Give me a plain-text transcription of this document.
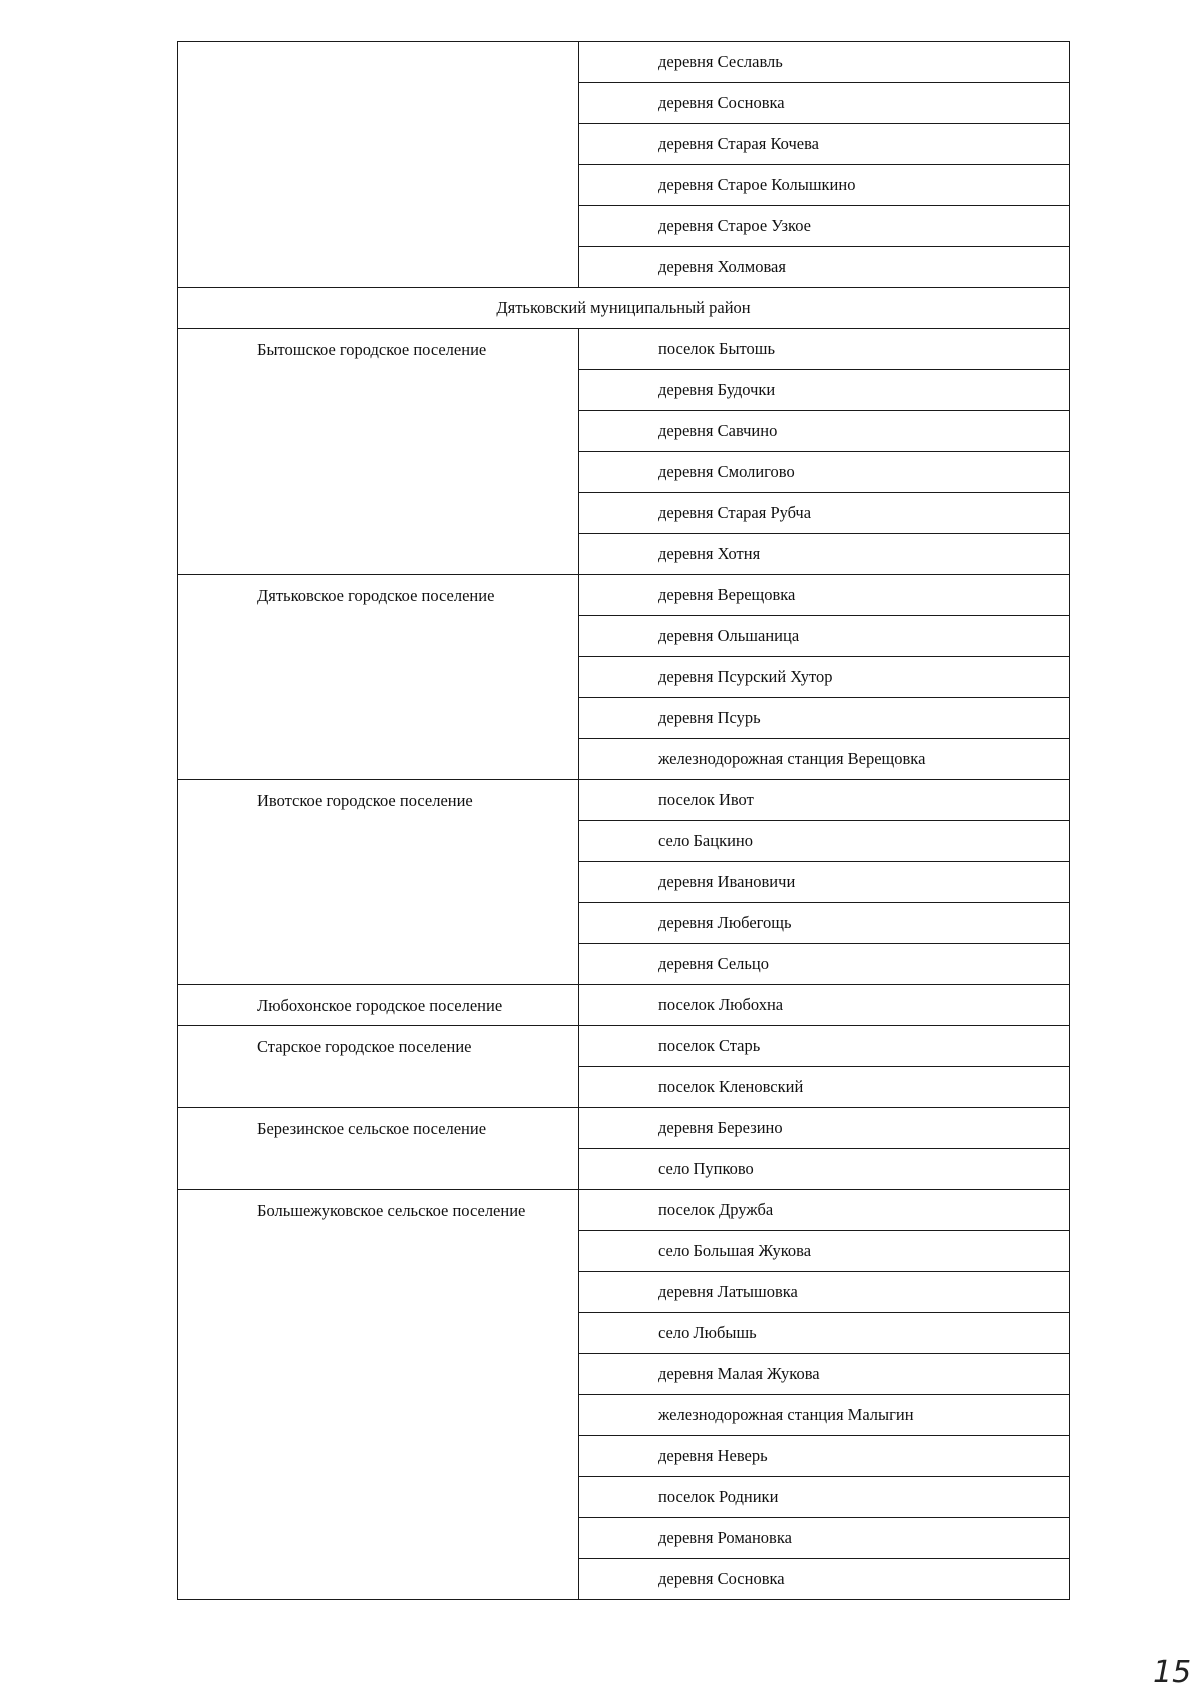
	деревня Сеславль
	деревня Сосновка
	деревня Старая Кочева
	деревня Старое Колышкино
	деревня Старое Узкое
	деревня Холмовая
Дятьковский муниципальный район	
Бытошское городское поселение	поселок Бытошь
	деревня Будочки
	деревня Савчино
	деревня Смолигово
	деревня Старая Рубча
	деревня Хотня
Дятьковское городское поселение	деревня Верещовка
	деревня Ольшаница
	деревня Псурский Хутор
	деревня Псурь
	железнодорожная станция Верещовка
Ивотское городское поселение	поселок Ивот
	село Бацкино
	деревня Ивановичи
	деревня Любегощь
	деревня Сельцо
Любохонское городское поселение	поселок Любохна
Старское городское поселение	поселок Старь
	поселок Кленовский
Березинское сельское поселение	деревня Березино
	село Пупково
Большежуковское сельское поселение	поселок Дружба
	село Большая Жукова
	деревня Латышовка
	село Любышь
	деревня Малая Жукова
	железнодорожная станция Малыгин
	деревня Неверь
	поселок Родники
	деревня Романовка
	деревня Сосновка
15
